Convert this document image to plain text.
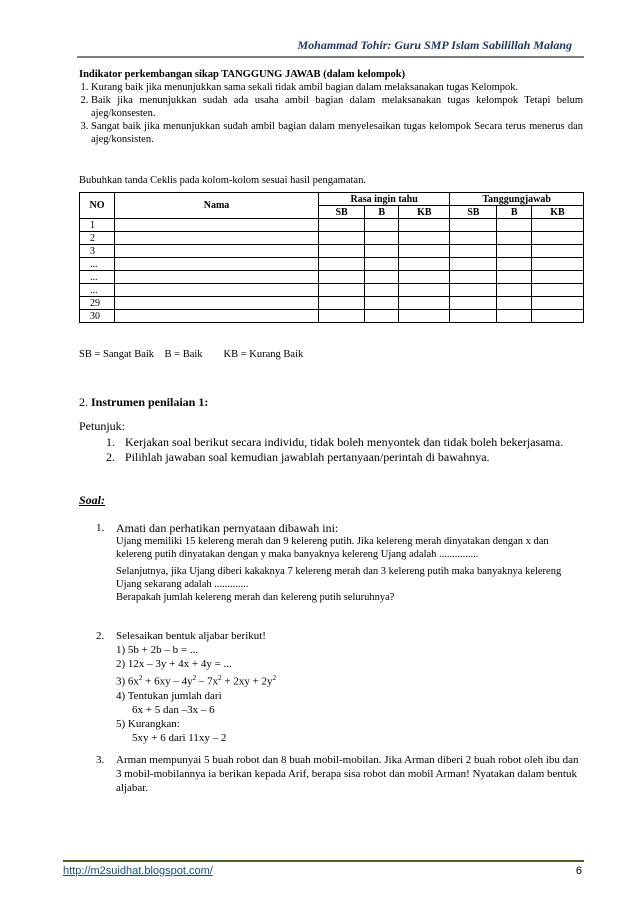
Mohammad Tohir: Guru SMP Islam Sabilillah Malang
Indikator perkembangan sikap TANGGUNG JAWAB (dalam kelompok)
1. Kurang baik jika menunjukkan sama sekali tidak ambil bagian dalam melaksanakan tugas Kelompok.
2. Baik jika menunjukkan sudah ada usaha ambil bagian dalam melaksanakan tugas kelompok Tetapi belum ajeg/konsesten.
3. Sangat baik jika menunjukkan sudah ambil bagian dalam menyelesaikan tugas kelompok Secara terus menerus dan ajeg/konsisten.
Bubuhkan tanda Ceklis pada kolom-kolom sesuai hasil pengamatan.
NO	Nama	Rasa ingin tahu			Tanggungjawab		
		SB	B	KB	SB	B	KB
1							
2							
3							
...							
...							
...							
29							
30							
SB = Sangat Baik    B = Baik        KB = Kurang Baik
2. Instrumen penilaian 1:
Petunjuk:
1. Kerjakan soal berikut secara individu, tidak boleh menyontek dan tidak boleh bekerjasama.
2. Pilihlah jawaban soal kemudian jawablah pertanyaan/perintah di bawahnya.
Soal:
1. Amati dan perhatikan pernyataan dibawah ini:
Ujang memiliki 15 kelereng merah dan 9 kelereng putih. Jika kelereng merah dinyatakan dengan x dan kelereng putih dinyatakan dengan y maka banyaknya kelereng Ujang adalah ...............
Selanjutnya, jika Ujang diberi kakaknya 7 kelereng merah dan 3 kelereng putih maka banyaknya kelereng Ujang sekarang adalah .............
Berapakah jumlah kelereng merah dan kelereng putih seluruhnya?
2. Selesaikan bentuk aljabar berikut!
1) 5b + 2b – b = ...
2) 12x – 3y + 4x + 4y = ...
3) $6x^2 + 6xy - 4y^2 - 7x^2 + 2xy + 2y^2$
4) Tentukan jumlah dari
6x + 5 dan –3x – 6
5) Kurangkan:
5xy + 6 dari 11xy – 2
3. Arman mempunyai 5 buah robot dan 8 buah mobil-mobilan. Jika Arman diberi 2 buah robot oleh ibu dan 3 mobil-mobilannya ia berikan kepada Arif, berapa sisa robot dan mobil Arman! Nyatakan dalam bentuk aljabar.
http://m2suidhat.blogspot.com/	6
